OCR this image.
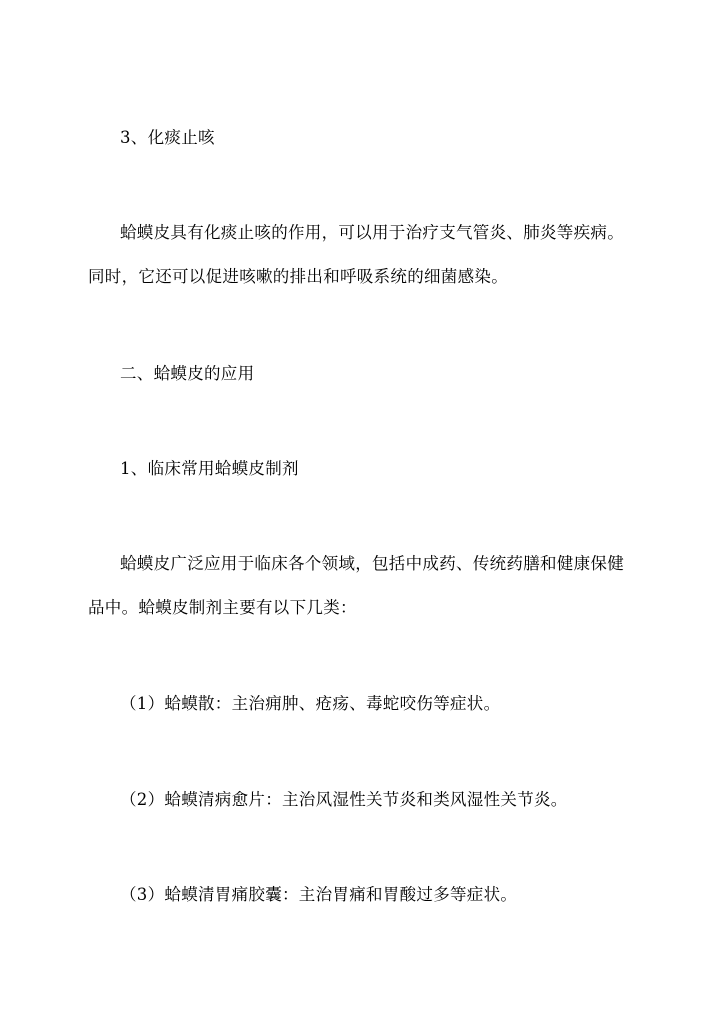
3、化痰止咳
蛤蟆皮具有化痰止咳的作用，可以用于治疗支气管炎、肺炎等疾病。
同时，它还可以促进咳嗽的排出和呼吸系统的细菌感染。
二、蛤蟆皮的应用
1、临床常用蛤蟆皮制剂
蛤蟆皮广泛应用于临床各个领域，包括中成药、传统药膳和健康保健
品中。蛤蟆皮制剂主要有以下几类：
（1）蛤蟆散：主治痈肿、疮疡、毒蛇咬伤等症状。
（2）蛤蟆清病愈片：主治风湿性关节炎和类风湿性关节炎。
（3）蛤蟆清胃痛胶囊：主治胃痛和胃酸过多等症状。
